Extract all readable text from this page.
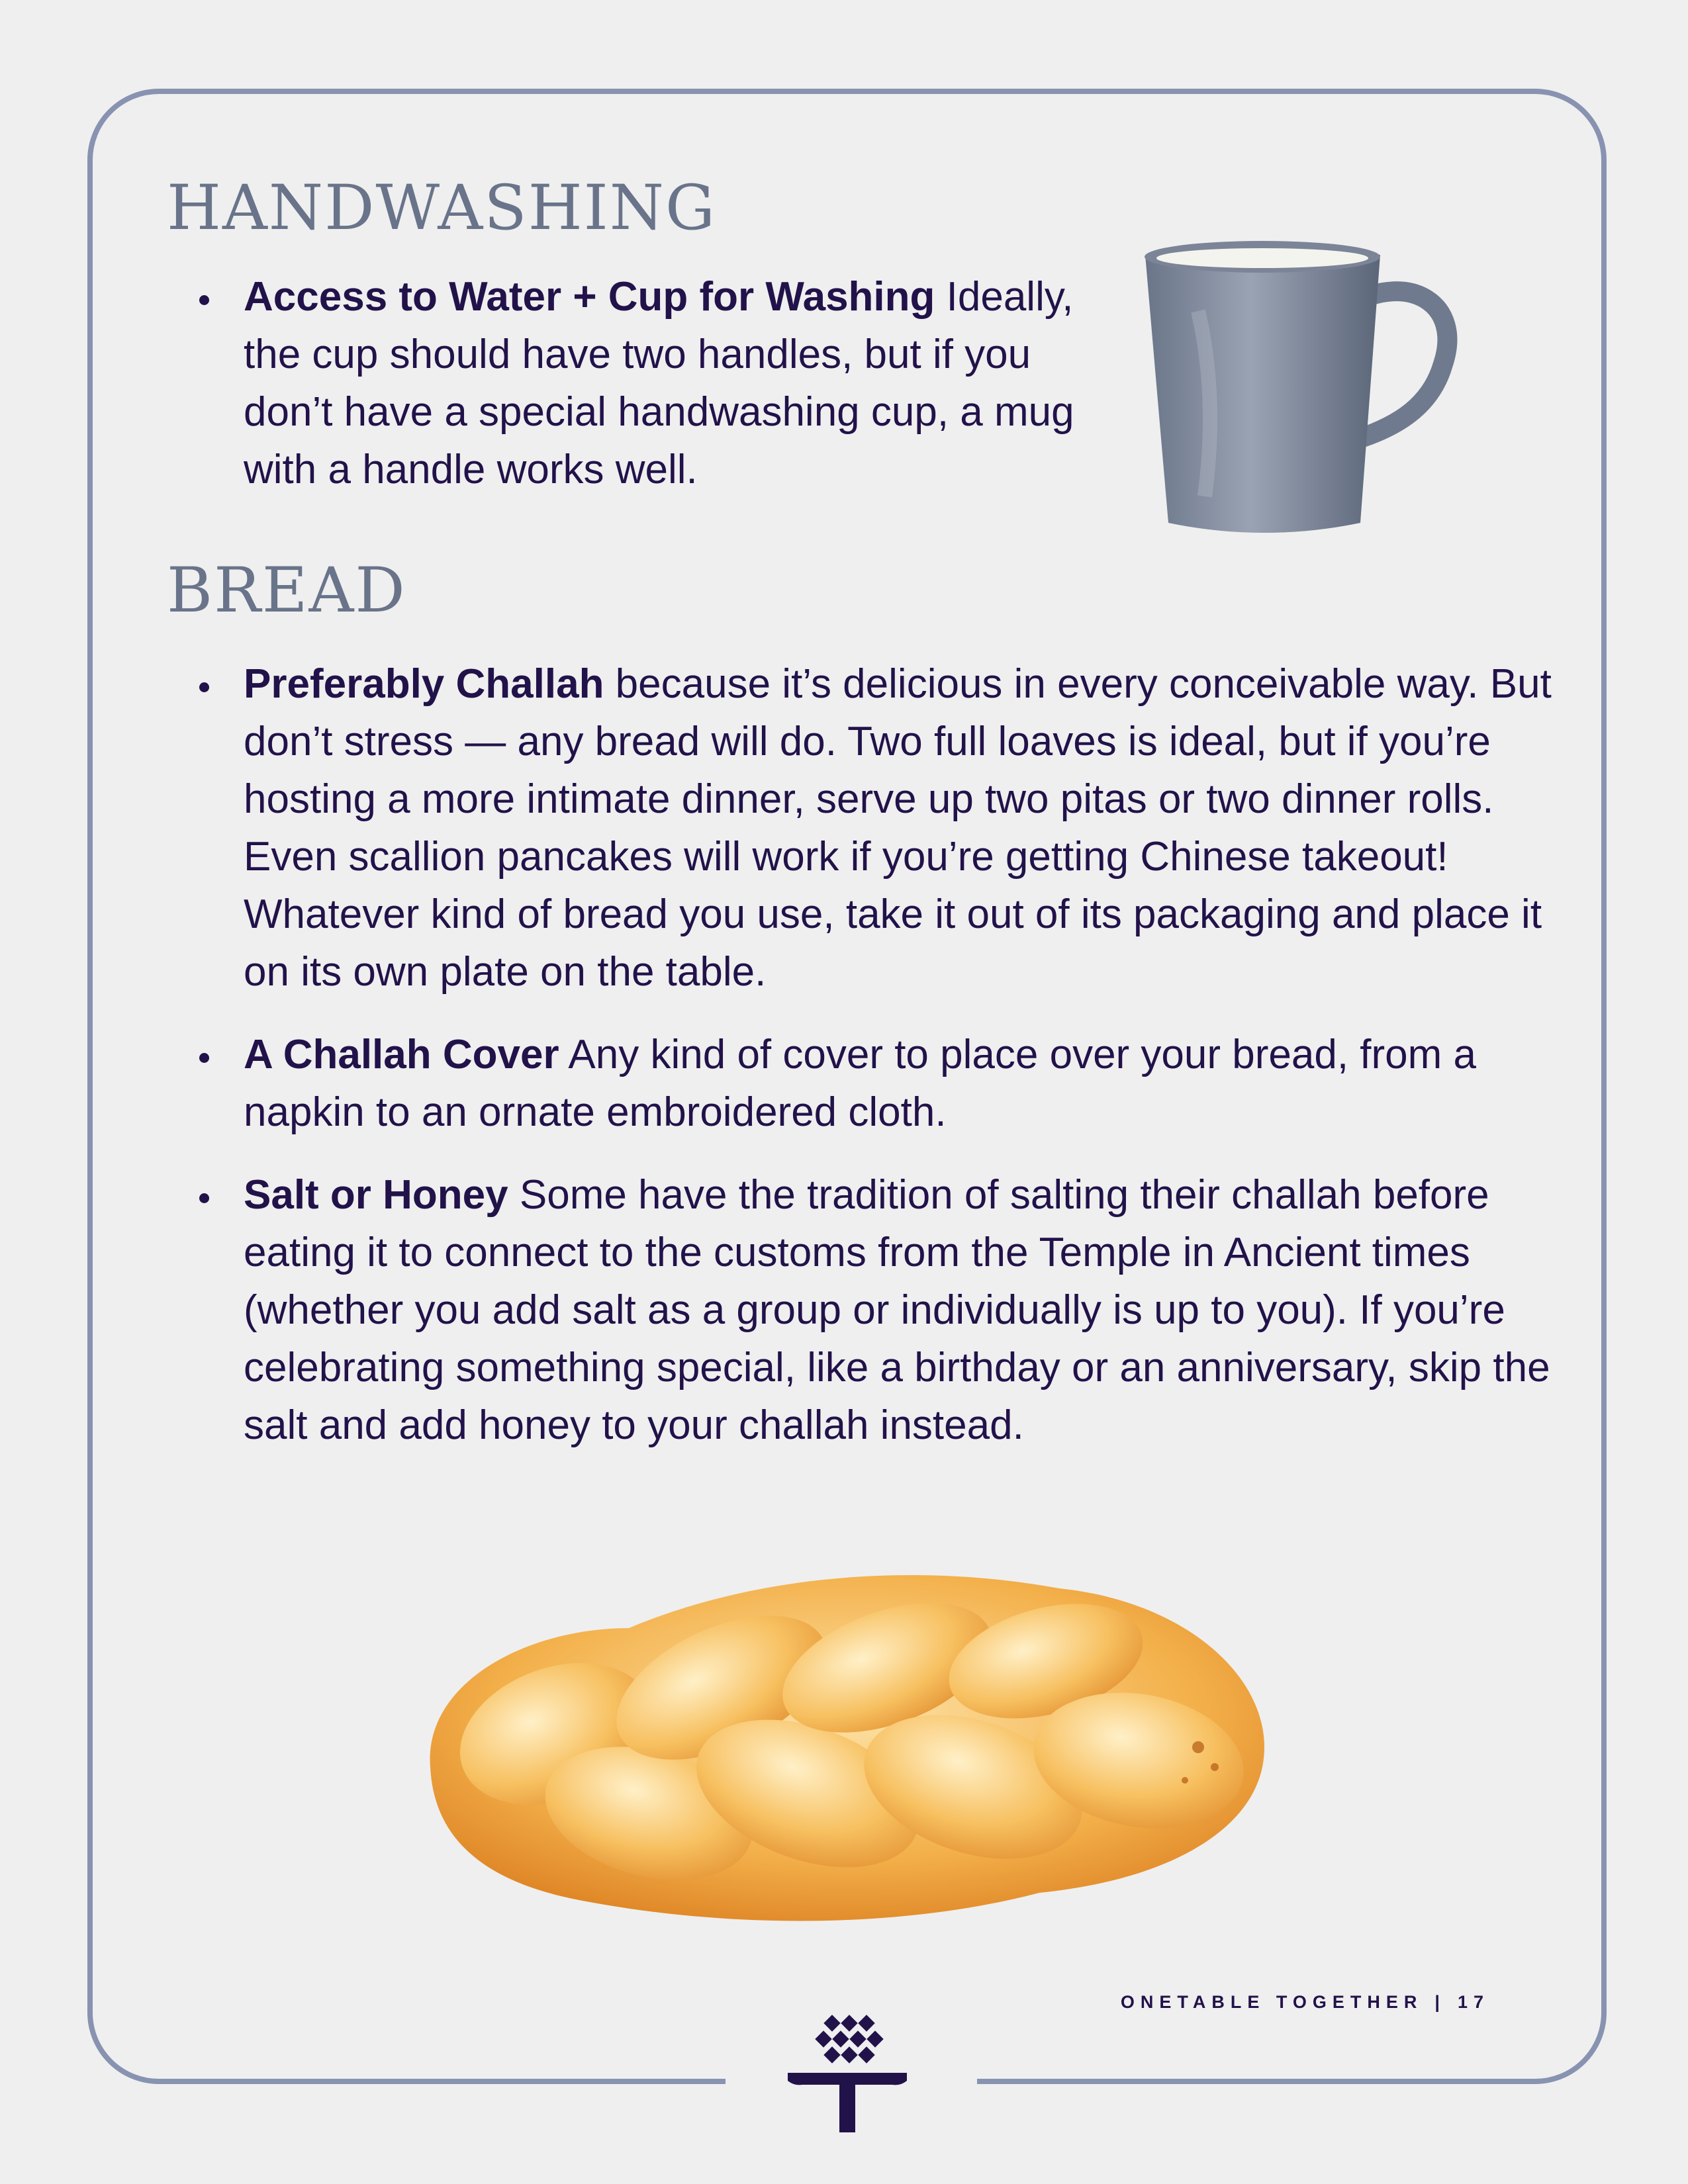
HANDWASHING
Access to Water + Cup for Washing Ideally, the cup should have two handles, but if you don’t have a special handwashing cup, a mug with a handle works well.
BREAD
Preferably Challah because it’s delicious in every conceivable way. But don’t stress — any bread will do. Two full loaves is ideal, but if you’re hosting a more intimate dinner, serve up two pitas or two dinner rolls. Even scallion pancakes will work if you’re getting Chinese takeout! Whatever kind of bread you use, take it out of its packaging and place it on its own plate on the table.
A Challah Cover Any kind of cover to place over your bread, from a napkin to an ornate embroidered cloth.
Salt or Honey Some have the tradition of salting their challah before eating it to connect to the customs from the Temple in Ancient times (whether you add salt as a group or individually is up to you). If you’re celebrating something special, like a birthday or an anniversary, skip the salt and add honey to your challah instead.
ONETABLE TOGETHER | 17
